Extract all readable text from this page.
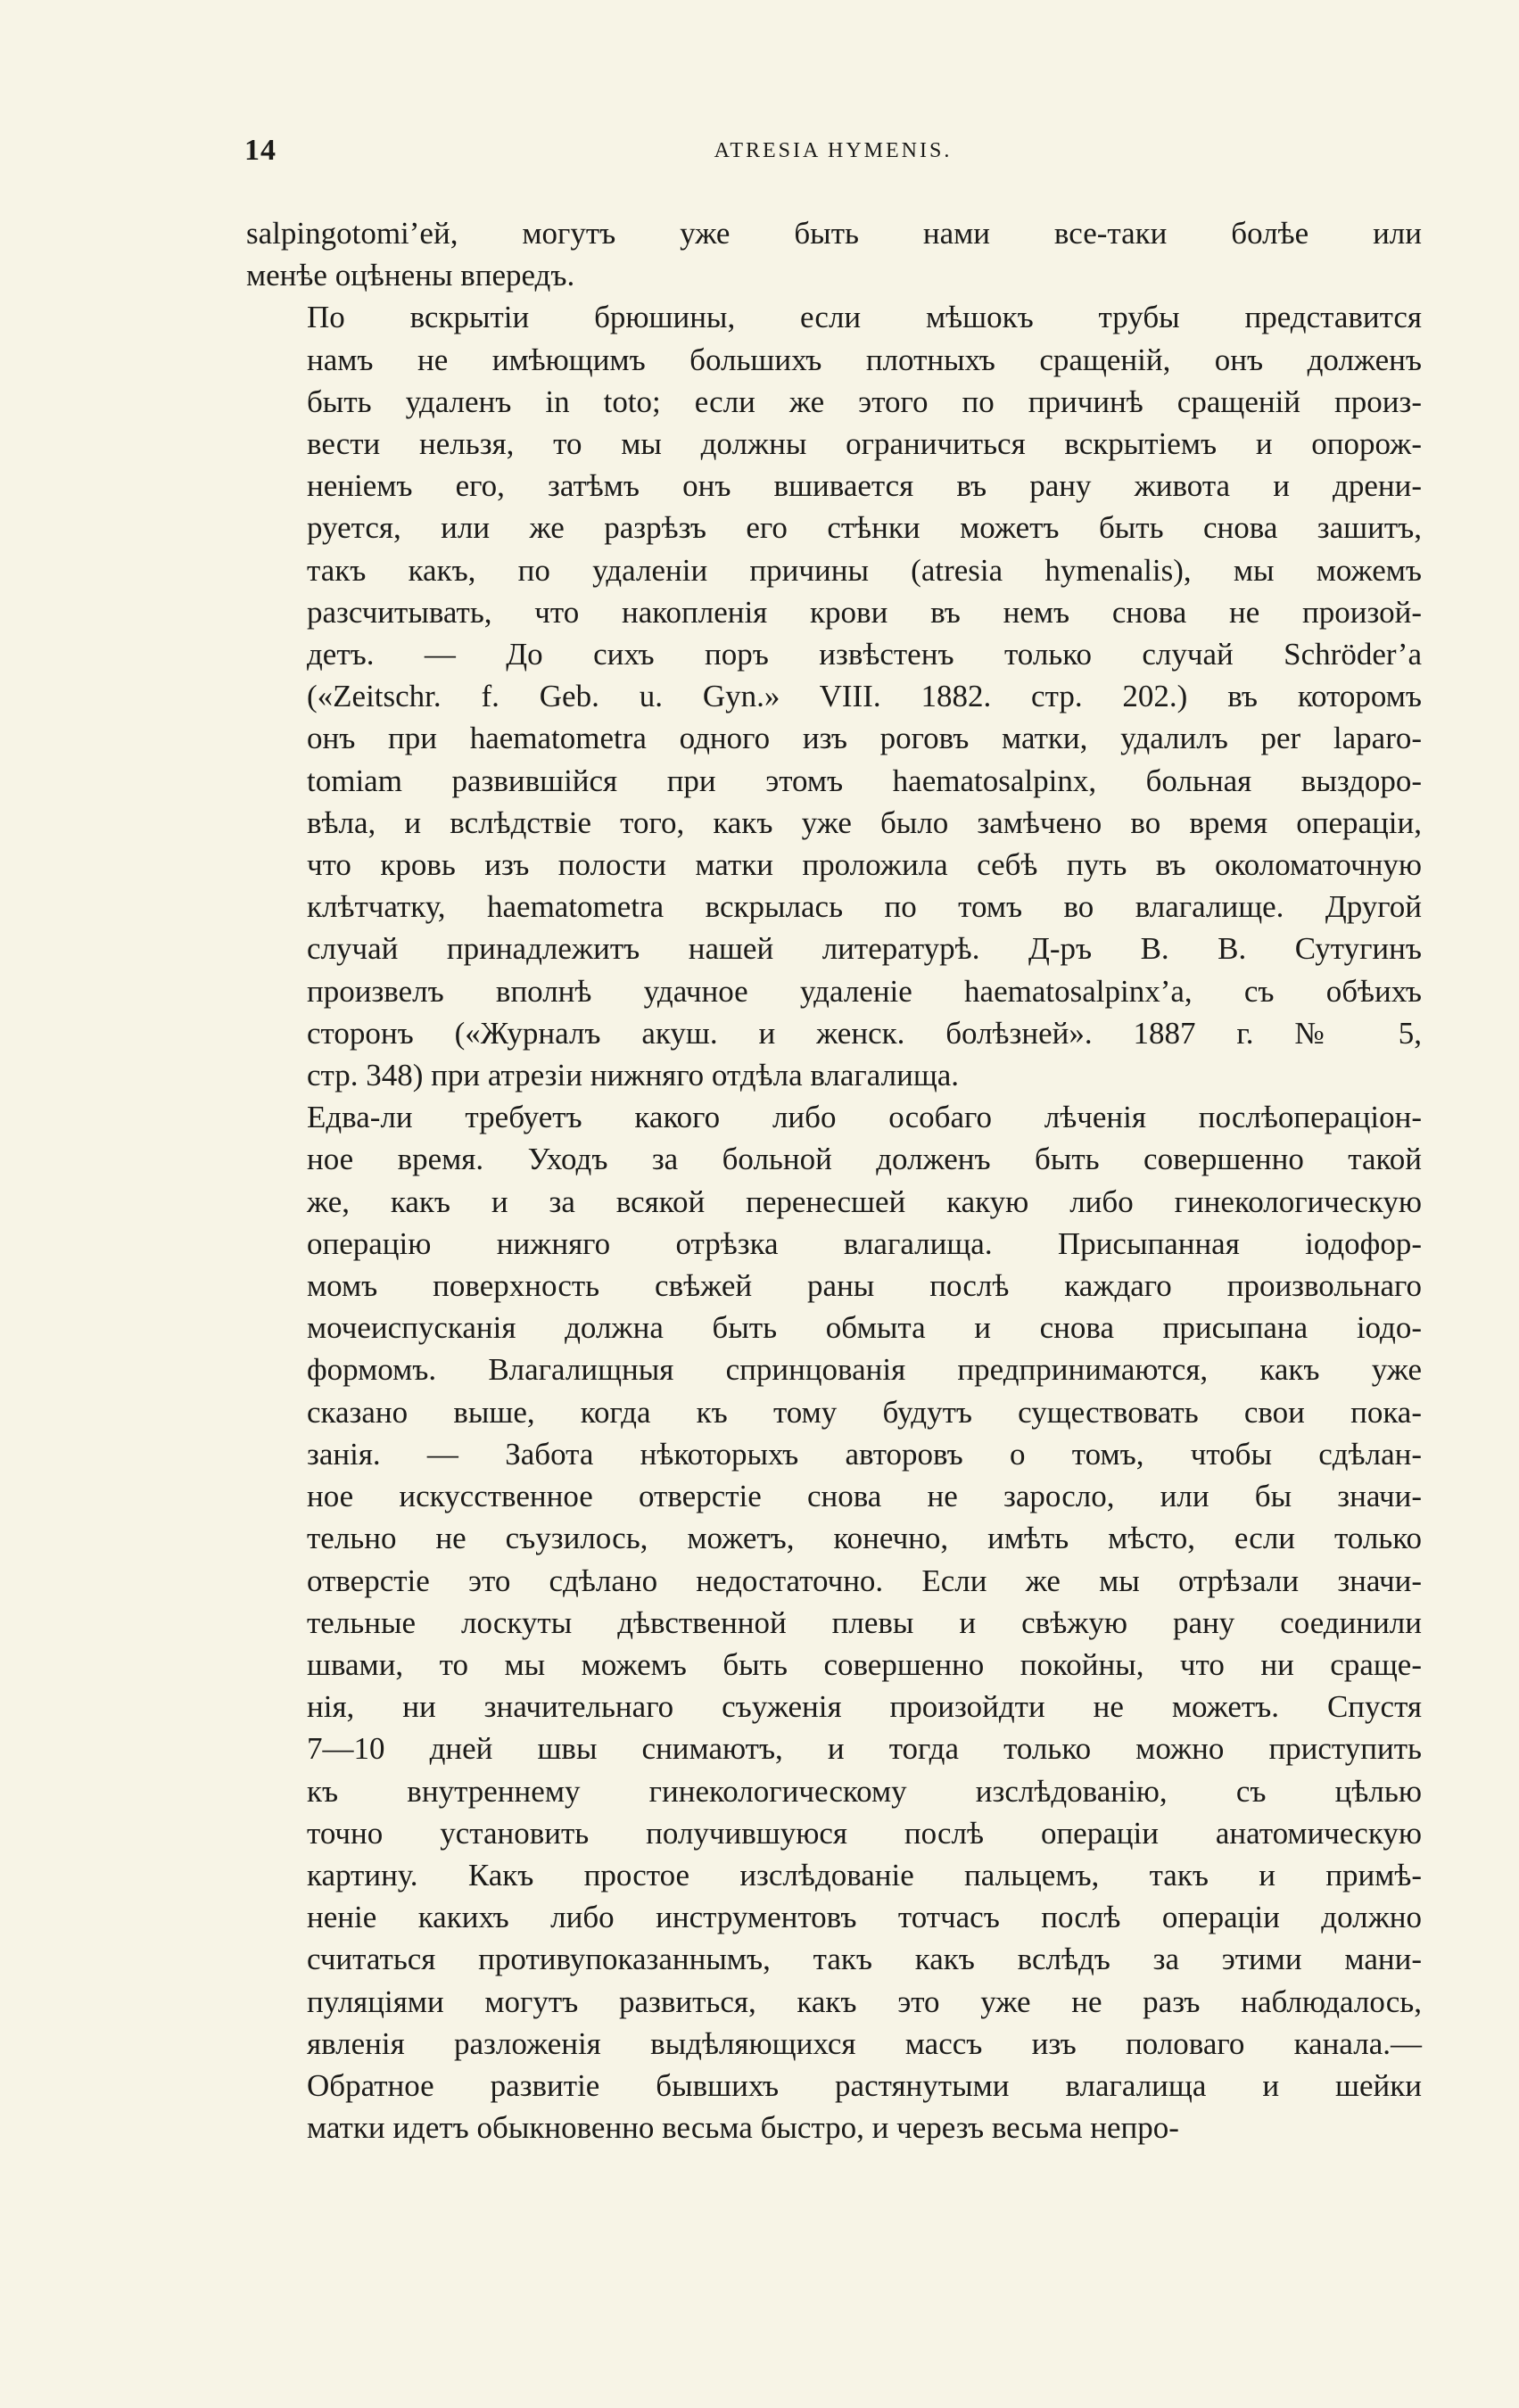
14	ATRESIA HYMENIS.

salpingotomi’ей, могутъ уже быть нами все-таки болѣе или
менѣе оцѣнены впередъ.

По вскрытіи брюшины, если мѣшокъ трубы представится
намъ не имѣющимъ большихъ плотныхъ сращеній, онъ долженъ
быть удаленъ in toto; если же этого по причинѣ сращеній произ-
вести нельзя, то мы должны ограничиться вскрытіемъ и опорож-
неніемъ его, затѣмъ онъ вшивается въ рану живота и дрени-
руется, или же разрѣзъ его стѣнки можетъ быть снова зашитъ,
такъ какъ, по удаленіи причины (atresia hymenalis), мы можемъ
разсчитывать, что накопленія крови въ немъ снова не произой-
детъ. — До сихъ поръ извѣстенъ только случай Schröder’а
(«Zeitschr. f. Geb. u. Gyn.» VIII. 1882. стр. 202.) въ которомъ
онъ при haematometra одного изъ роговъ матки, удалилъ per laparo-
tomiam развившійся при этомъ haematosalpinx, больная выздоро-
вѣла, и вслѣдствіе того, какъ уже было замѣчено во время операціи,
что кровь изъ полости матки проложила себѣ путь въ околоматочную
клѣтчатку, haematometra вскрылась по томъ во влагалище. Другой
случай принадлежитъ нашей литературѣ. Д-ръ В. В. Сутугинъ
произвелъ вполнѣ удачное удаленіе haematosalpinx’а, съ обѣихъ
сторонъ («Журналъ акуш. и женск. болѣзней». 1887 г. № 5,
стр. 348) при атрезіи нижняго отдѣла влагалища.

Едва-ли требуетъ какого либо особаго лѣченія послѣопераціон-
ное время. Уходъ за больной долженъ быть совершенно такой
же, какъ и за всякой перенесшей какую либо гинекологическую
операцію нижняго отрѣзка влагалища. Присыпанная іодофор-
момъ поверхность свѣжей раны послѣ каждаго произвольнаго
мочеиспусканія должна быть обмыта и снова присыпана іодо-
формомъ. Влагалищныя спринцованія предпринимаются, какъ уже
сказано выше, когда къ тому будутъ существовать свои пока-
занія. — Забота нѣкоторыхъ авторовъ о томъ, чтобы сдѣлан-
ное искусственное отверстіе снова не заросло, или бы значи-
тельно не съузилось, можетъ, конечно, имѣть мѣсто, если только
отверстіе это сдѣлано недостаточно. Если же мы отрѣзали значи-
тельные лоскуты дѣвственной плевы и свѣжую рану соединили
швами, то мы можемъ быть совершенно покойны, что ни сраще-
нія, ни значительнаго съуженія произойдти не можетъ. Спустя
7—10 дней швы снимаютъ, и тогда только можно приступить
къ внутреннему гинекологическому изслѣдованію, съ цѣлью
точно установить получившуюся послѣ операціи анатомическую
картину. Какъ простое изслѣдованіе пальцемъ, такъ и примѣ-
неніе какихъ либо инструментовъ тотчасъ послѣ операціи должно
считаться противупоказаннымъ, такъ какъ вслѣдъ за этими мани-
пуляціями могутъ развиться, какъ это уже не разъ наблюдалось,
явленія разложенія выдѣляющихся массъ изъ половаго канала.—
Обратное развитіе бывшихъ растянутыми влагалища и шейки
матки идетъ обыкновенно весьма быстро, и черезъ весьма непро-
